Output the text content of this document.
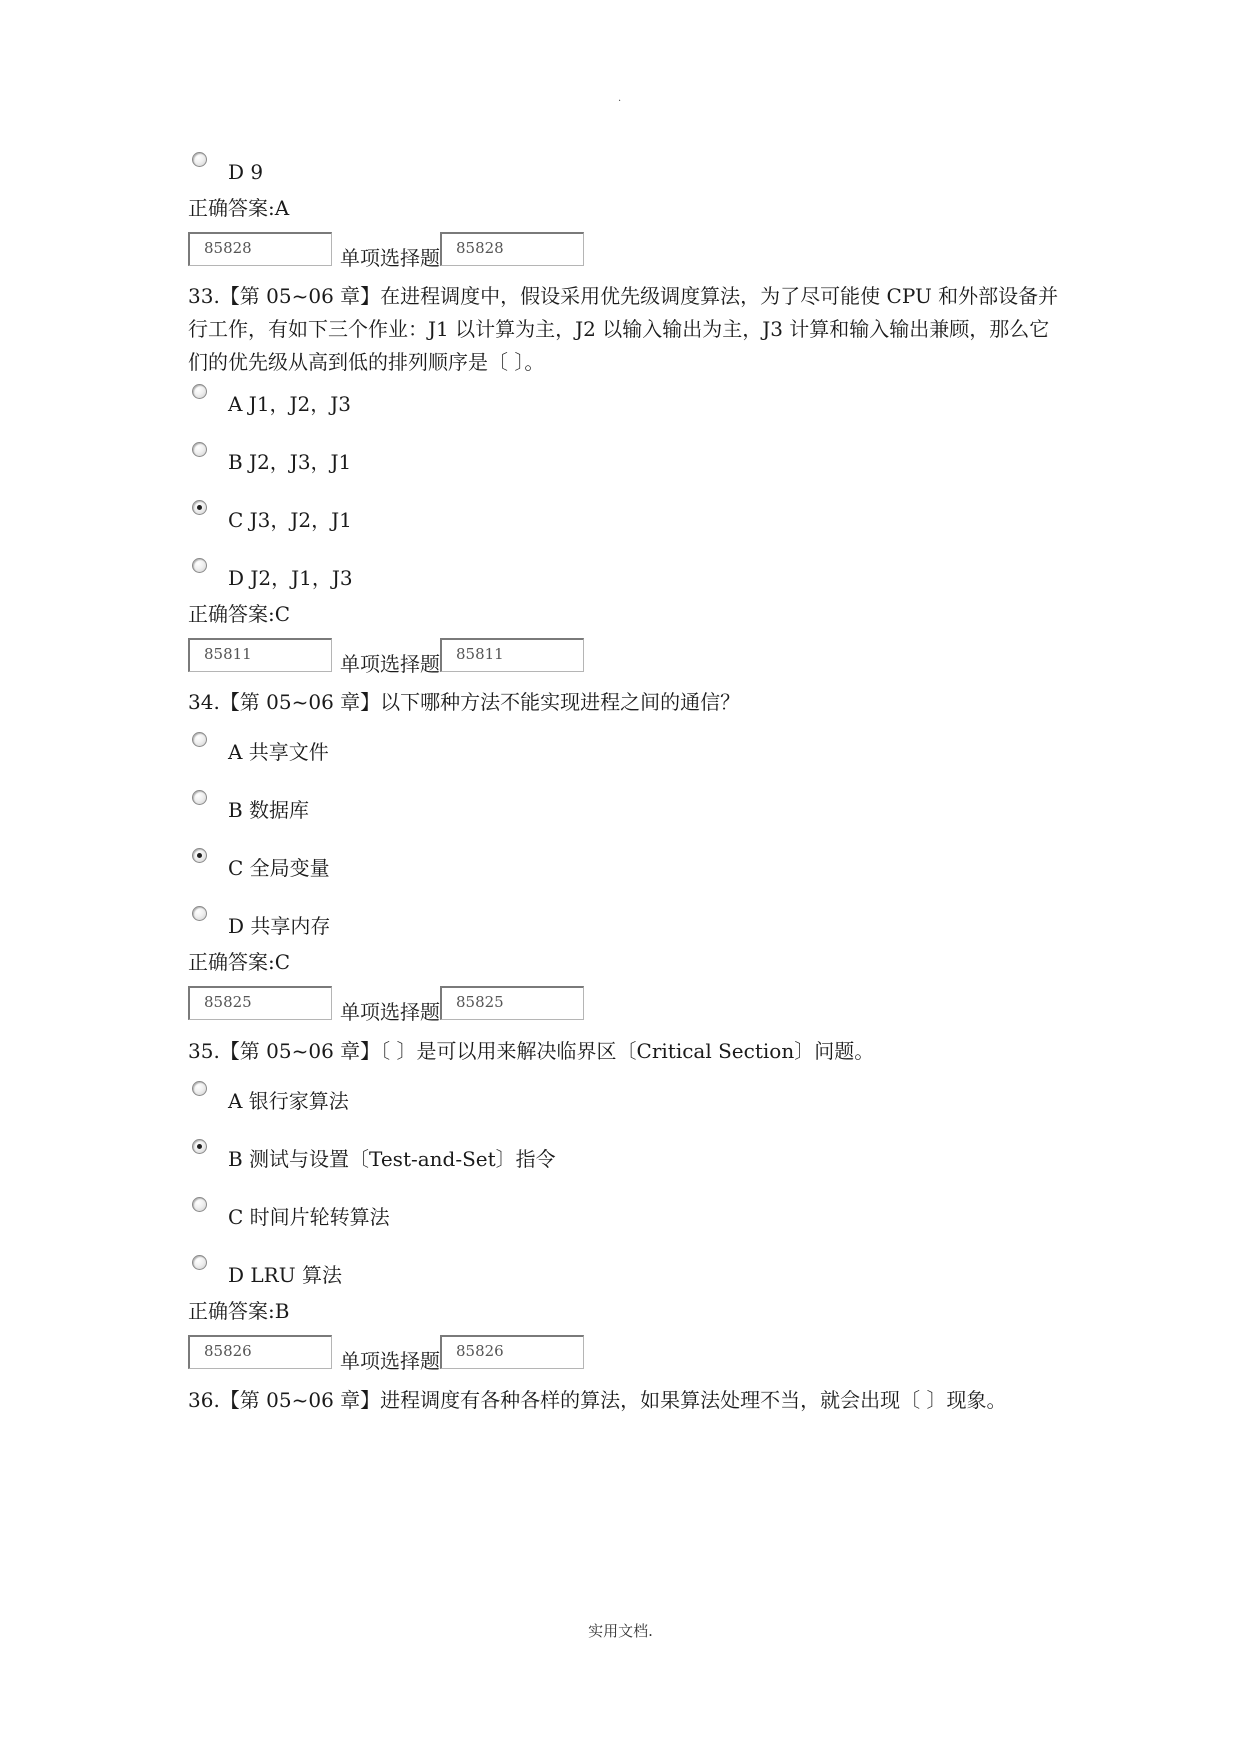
·
D 9
正确答案:A
85828	单项选择题 85828
33.【第 05~06 章】在进程调度中，假设采用优先级调度算法，为了尽可能使 CPU 和外部设备并行工作，有如下三个作业：J1 以计算为主，J2 以输入输出为主，J3 计算和输入输出兼顾，那么它们的优先级从高到低的排列顺序是〔 〕。
A J1，J2，J3
B J2，J3，J1
C J3，J2，J1
D J2，J1，J3
正确答案:C
85811	单项选择题 85811
34.【第 05~06 章】以下哪种方法不能实现进程之间的通信？
A 共享文件
B 数据库
C 全局变量
D 共享内存
正确答案:C
85825	单项选择题 85825
35.【第 05~06 章】〔 〕是可以用来解决临界区〔Critical Section〕问题。
A 银行家算法
B 测试与设置〔Test-and-Set〕指令
C 时间片轮转算法
D LRU 算法
正确答案:B
85826	单项选择题 85826
36.【第 05~06 章】进程调度有各种各样的算法，如果算法处理不当，就会出现〔 〕现象。
实用文档.
